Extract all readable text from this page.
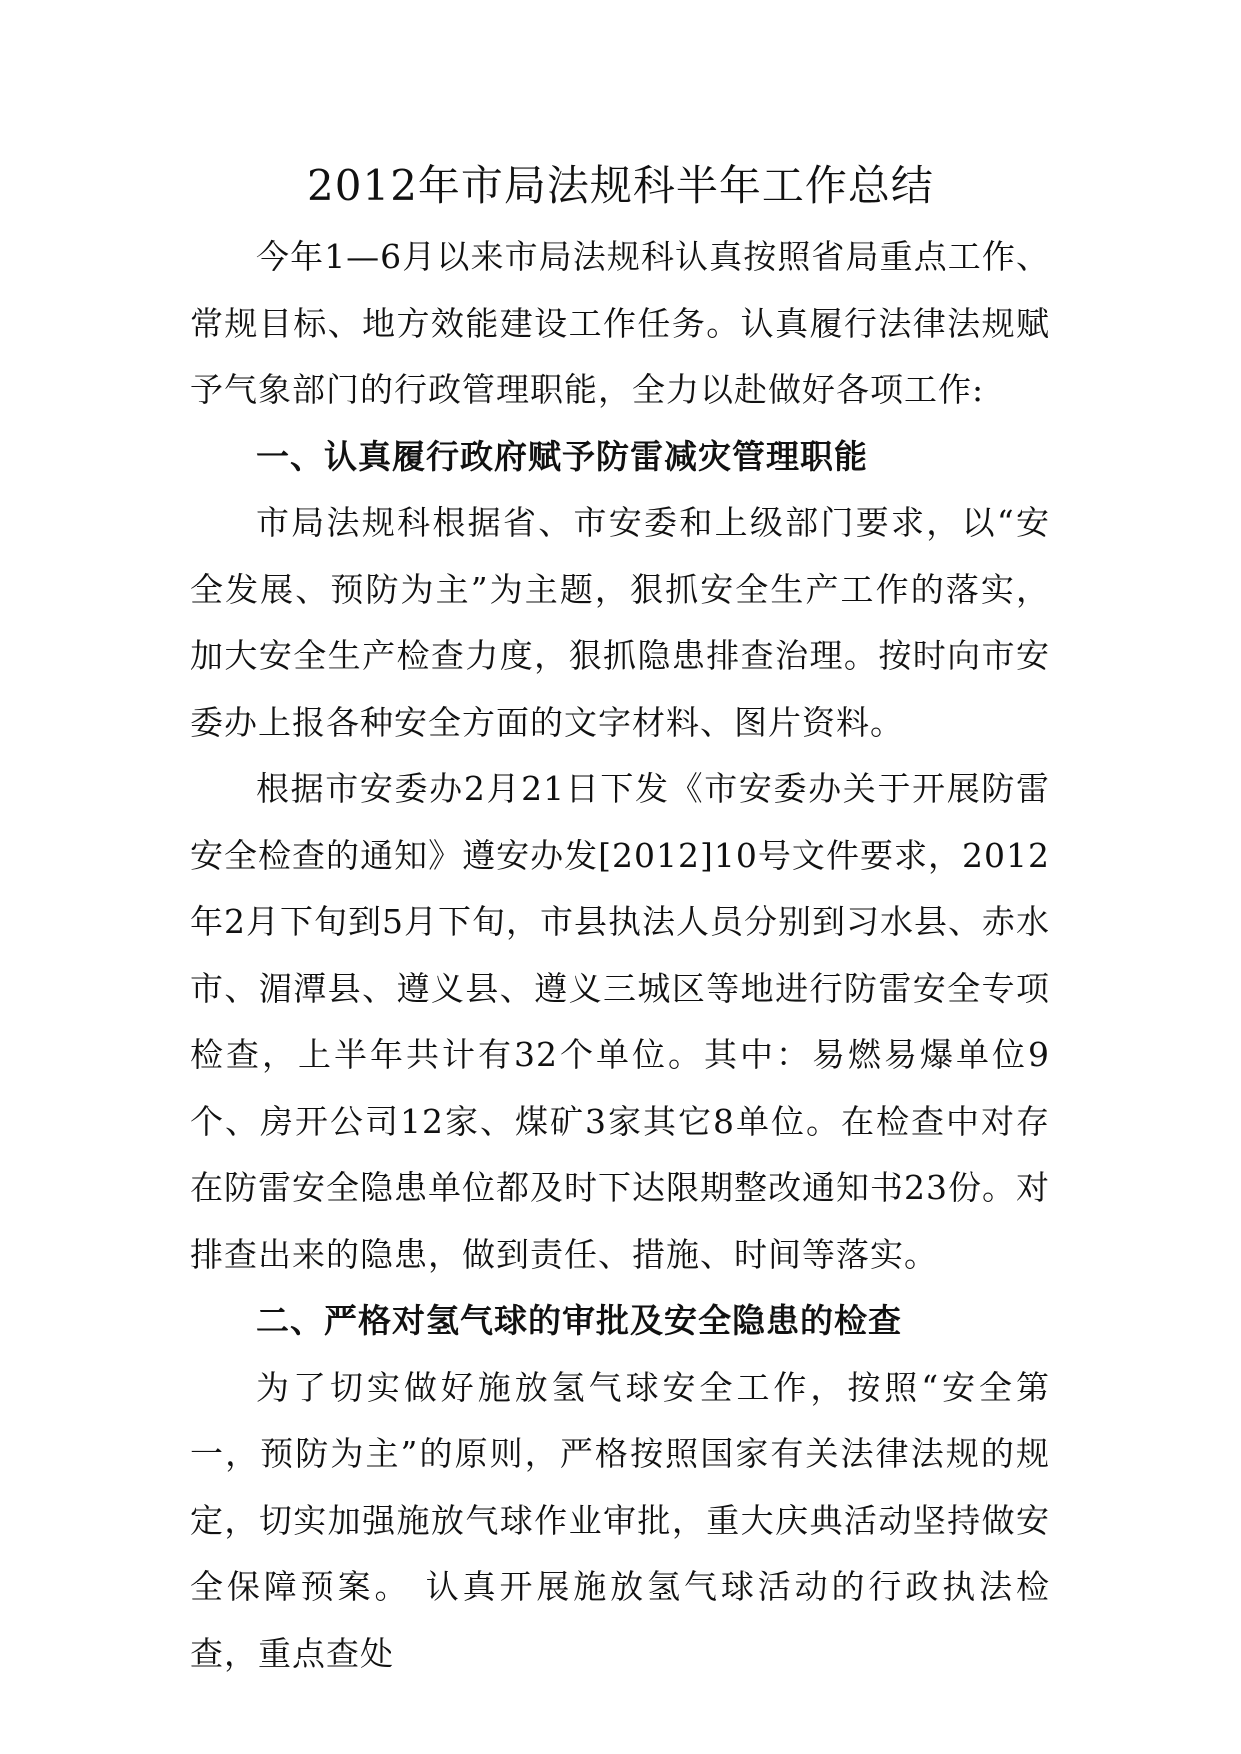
2012年市局法规科半年工作总结

今年1—6月以来市局法规科认真按照省局重点工作、常规目标、地方效能建设工作任务。认真履行法律法规赋予气象部门的行政管理职能，全力以赴做好各项工作:

一、认真履行政府赋予防雷减灾管理职能

市局法规科根据省、市安委和上级部门要求，以“安全发展、预防为主”为主题，狠抓安全生产工作的落实，加大安全生产检查力度，狠抓隐患排查治理。按时向市安委办上报各种安全方面的文字材料、图片资料。

根据市安委办2月21日下发《市安委办关于开展防雷安全检查的通知》遵安办发[2012]10号文件要求，2012年2月下旬到5月下旬，市县执法人员分别到习水县、赤水市、湄潭县、遵义县、遵义三城区等地进行防雷安全专项检查，上半年共计有32个单位。其中：易燃易爆单位9个、房开公司12家、煤矿3家其它8单位。在检查中对存在防雷安全隐患单位都及时下达限期整改通知书23份。对排查出来的隐患，做到责任、措施、时间等落实。

二、严格对氢气球的审批及安全隐患的检查

为了切实做好施放氢气球安全工作，按照“安全第一，预防为主”的原则，严格按照国家有关法律法规的规定，切实加强施放气球作业审批，重大庆典活动坚持做安全保障预案。 认真开展施放氢气球活动的行政执法检查，重点查处
